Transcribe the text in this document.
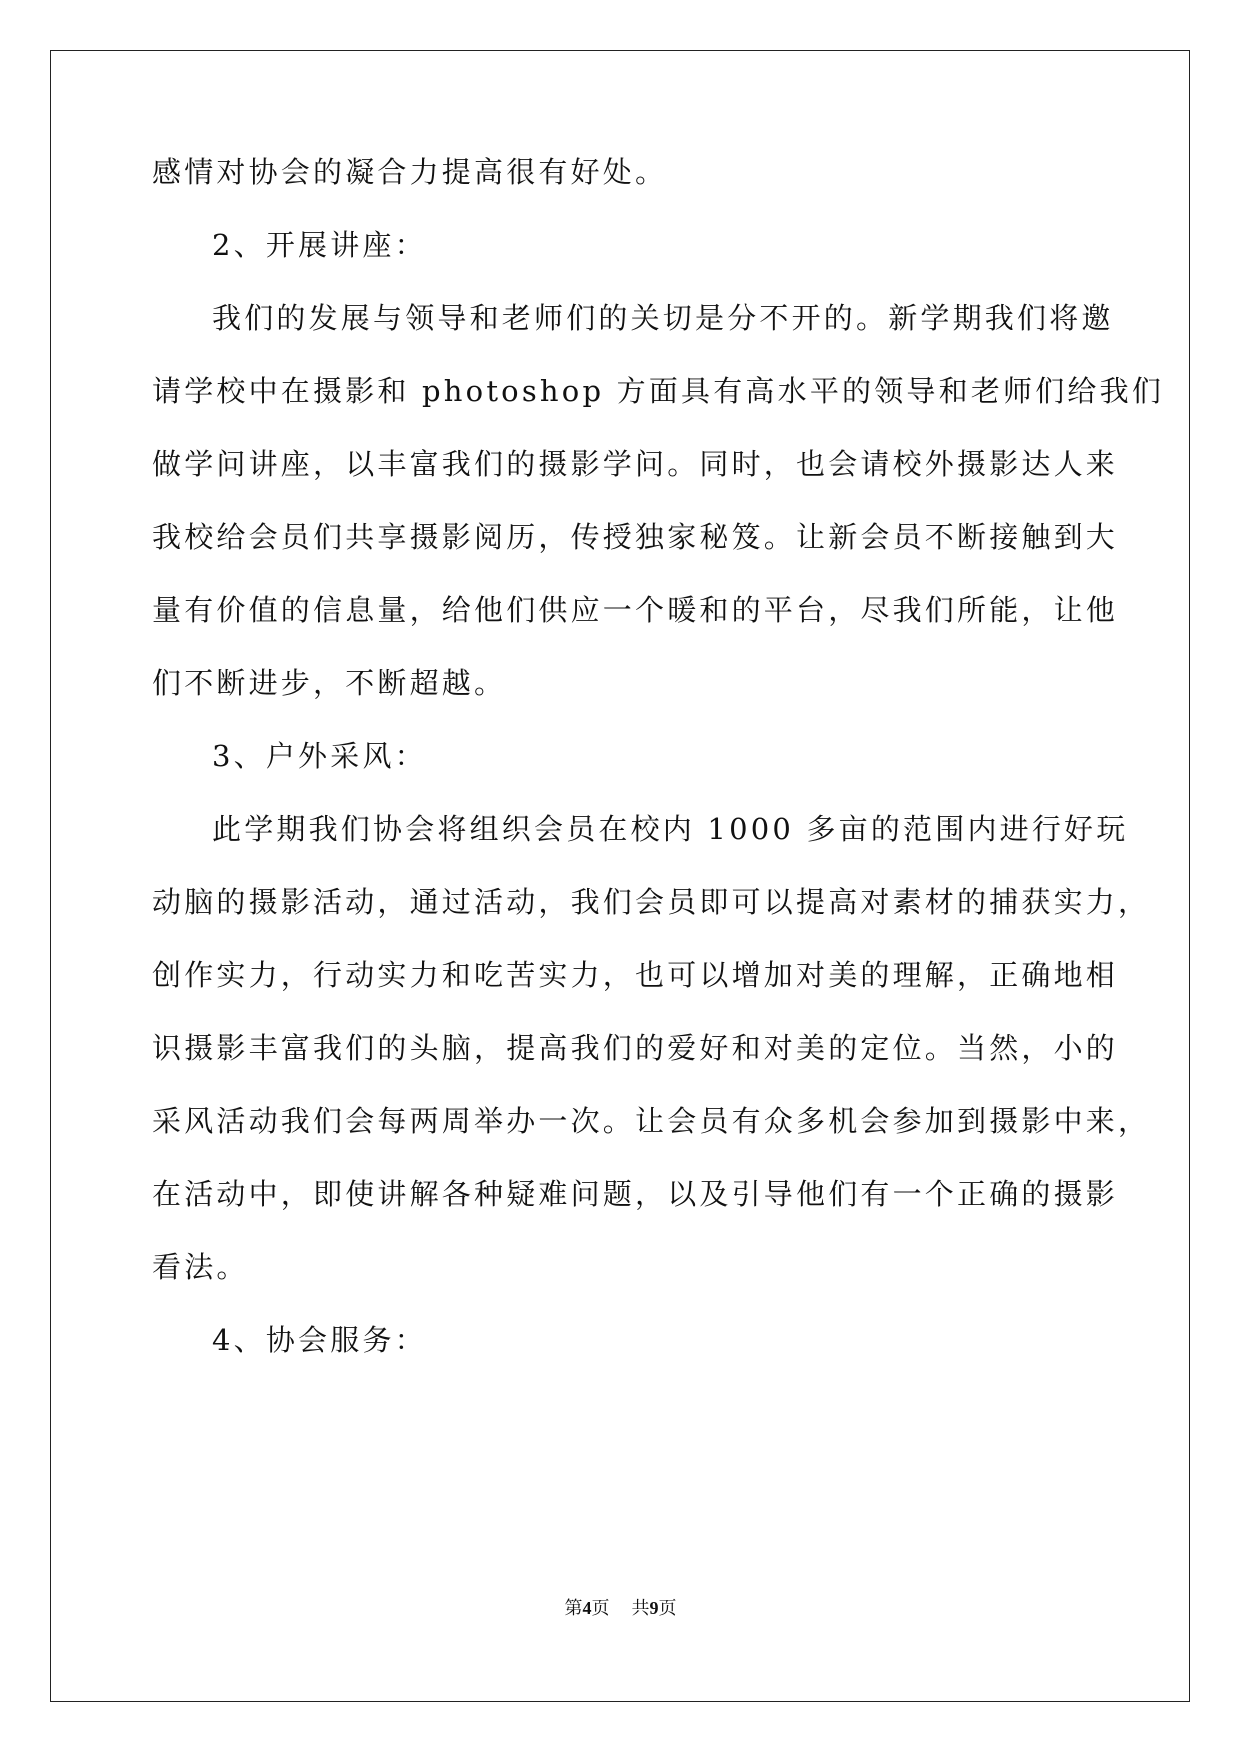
感情对协会的凝合力提高很有好处。
2、开展讲座：
我们的发展与领导和老师们的关切是分不开的。新学期我们将邀
请学校中在摄影和 photoshop 方面具有高水平的领导和老师们给我们
做学问讲座，以丰富我们的摄影学问。同时，也会请校外摄影达人来
我校给会员们共享摄影阅历，传授独家秘笈。让新会员不断接触到大
量有价值的信息量，给他们供应一个暖和的平台，尽我们所能，让他
们不断进步，不断超越。
3、户外采风：
此学期我们协会将组织会员在校内 1000 多亩的范围内进行好玩
动脑的摄影活动，通过活动，我们会员即可以提高对素材的捕获实力，
创作实力，行动实力和吃苦实力，也可以增加对美的理解，正确地相
识摄影丰富我们的头脑，提高我们的爱好和对美的定位。当然，小的
采风活动我们会每两周举办一次。让会员有众多机会参加到摄影中来，
在活动中，即使讲解各种疑难问题，以及引导他们有一个正确的摄影
看法。
4、协会服务：
第4页 共9页
